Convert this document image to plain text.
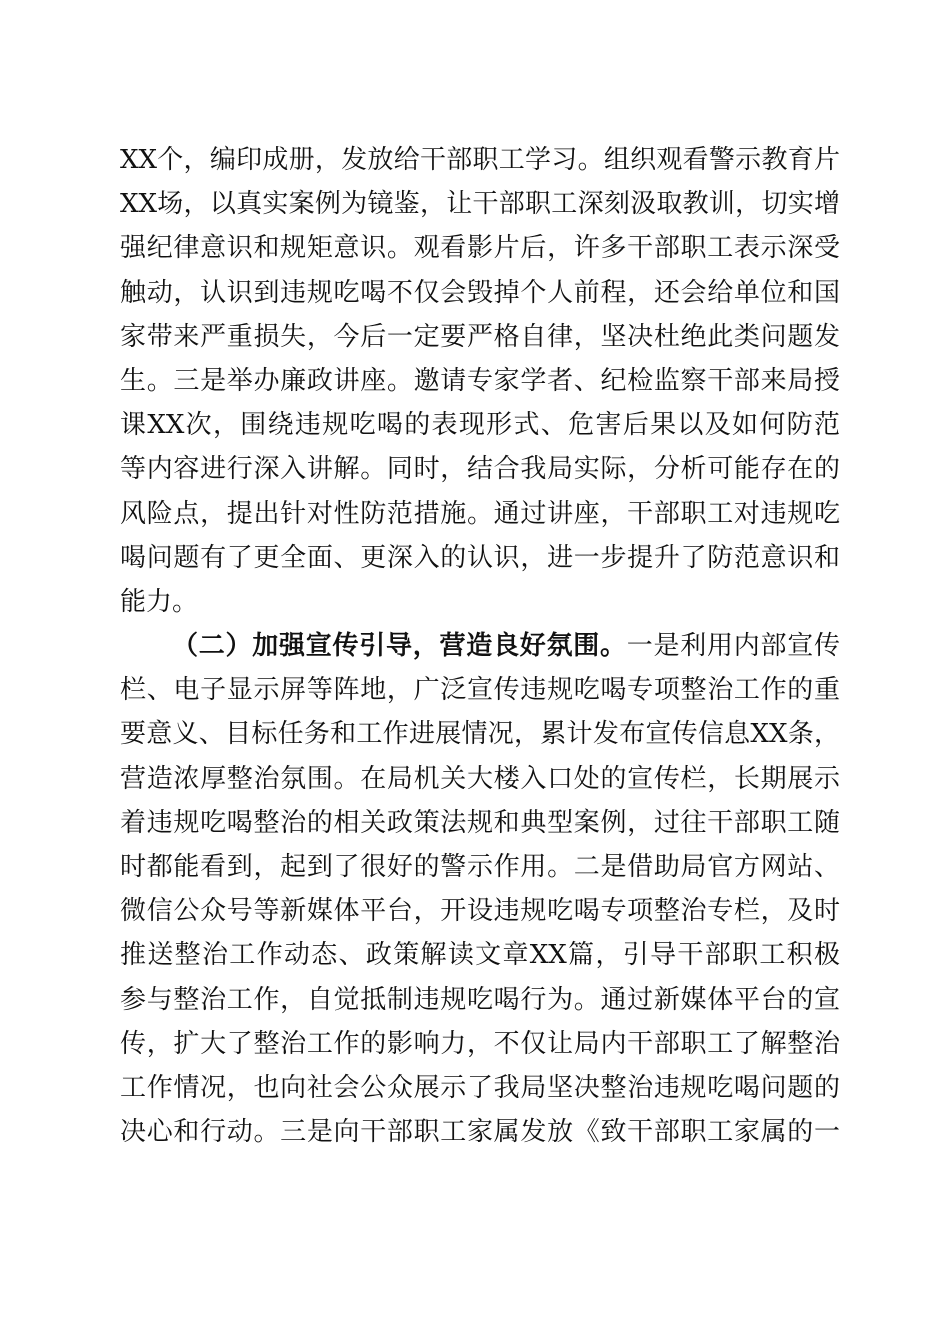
XX个，编印成册，发放给干部职工学习。组织观看警示教育片
XX场，以真实案例为镜鉴，让干部职工深刻汲取教训，切实增
强纪律意识和规矩意识。观看影片后，许多干部职工表示深受
触动，认识到违规吃喝不仅会毁掉个人前程，还会给单位和国
家带来严重损失，今后一定要严格自律，坚决杜绝此类问题发
生。三是举办廉政讲座。邀请专家学者、纪检监察干部来局授
课XX次，围绕违规吃喝的表现形式、危害后果以及如何防范
等内容进行深入讲解。同时，结合我局实际，分析可能存在的
风险点，提出针对性防范措施。通过讲座，干部职工对违规吃
喝问题有了更全面、更深入的认识，进一步提升了防范意识和
能力。
（二）加强宣传引导，营造良好氛围。一是利用内部宣传
栏、电子显示屏等阵地，广泛宣传违规吃喝专项整治工作的重
要意义、目标任务和工作进展情况，累计发布宣传信息XX条，
营造浓厚整治氛围。在局机关大楼入口处的宣传栏，长期展示
着违规吃喝整治的相关政策法规和典型案例，过往干部职工随
时都能看到，起到了很好的警示作用。二是借助局官方网站、
微信公众号等新媒体平台，开设违规吃喝专项整治专栏，及时
推送整治工作动态、政策解读文章XX篇，引导干部职工积极
参与整治工作，自觉抵制违规吃喝行为。通过新媒体平台的宣
传，扩大了整治工作的影响力，不仅让局内干部职工了解整治
工作情况，也向社会公众展示了我局坚决整治违规吃喝问题的
决心和行动。三是向干部职工家属发放《致干部职工家属的一
